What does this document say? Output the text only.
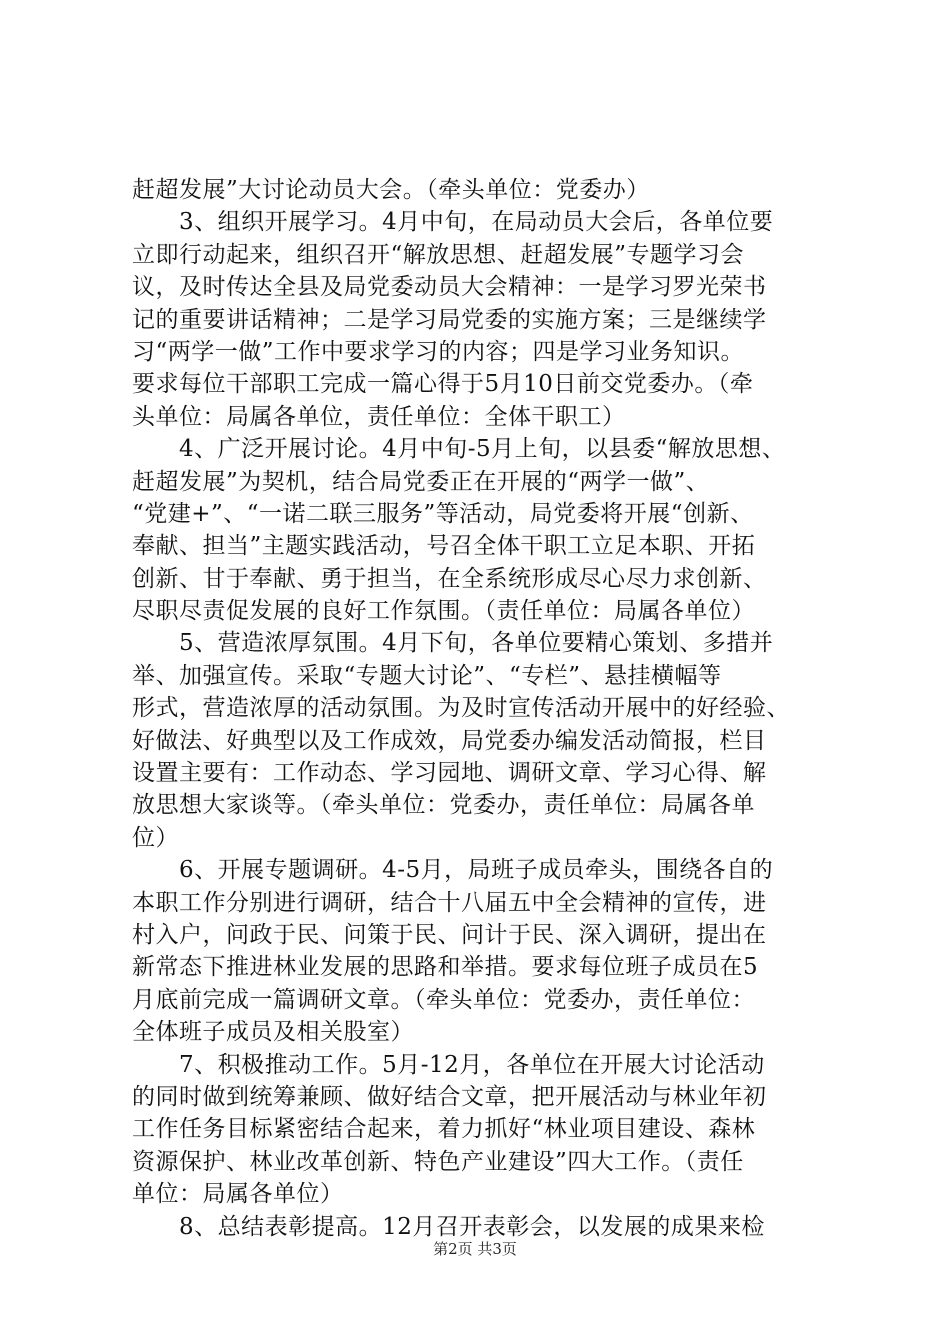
赶超发展”大讨论动员大会。（牵头单位：党委办）
3、组织开展学习。4月中旬，在局动员大会后，各单位要
立即行动起来，组织召开“解放思想、赶超发展”专题学习会
议，及时传达全县及局党委动员大会精神：一是学习罗光荣书
记的重要讲话精神；二是学习局党委的实施方案；三是继续学
习“两学一做”工作中要求学习的内容；四是学习业务知识。
要求每位干部职工完成一篇心得于5月10日前交党委办。（牵
头单位：局属各单位，责任单位：全体干职工）
4、广泛开展讨论。4月中旬-5月上旬，以县委“解放思想、
赶超发展”为契机，结合局党委正在开展的“两学一做”、
“党建+”、“一诺二联三服务”等活动，局党委将开展“创新、
奉献、担当”主题实践活动，号召全体干职工立足本职、开拓
创新、甘于奉献、勇于担当，在全系统形成尽心尽力求创新、
尽职尽责促发展的良好工作氛围。（责任单位：局属各单位）
5、营造浓厚氛围。4月下旬，各单位要精心策划、多措并
举、加强宣传。采取“专题大讨论”、“专栏”、悬挂横幅等
形式，营造浓厚的活动氛围。为及时宣传活动开展中的好经验、
好做法、好典型以及工作成效，局党委办编发活动简报，栏目
设置主要有：工作动态、学习园地、调研文章、学习心得、解
放思想大家谈等。（牵头单位：党委办，责任单位：局属各单
位）
6、开展专题调研。4-5月，局班子成员牵头，围绕各自的
本职工作分别进行调研，结合十八届五中全会精神的宣传，进
村入户，问政于民、问策于民、问计于民、深入调研，提出在
新常态下推进林业发展的思路和举措。要求每位班子成员在5
月底前完成一篇调研文章。（牵头单位：党委办，责任单位：
全体班子成员及相关股室）
7、积极推动工作。5月-12月，各单位在开展大讨论活动
的同时做到统筹兼顾、做好结合文章，把开展活动与林业年初
工作任务目标紧密结合起来，着力抓好“林业项目建设、森林
资源保护、林业改革创新、特色产业建设”四大工作。（责任
单位：局属各单位）
8、总结表彰提高。12月召开表彰会，以发展的成果来检
第2页 共3页
